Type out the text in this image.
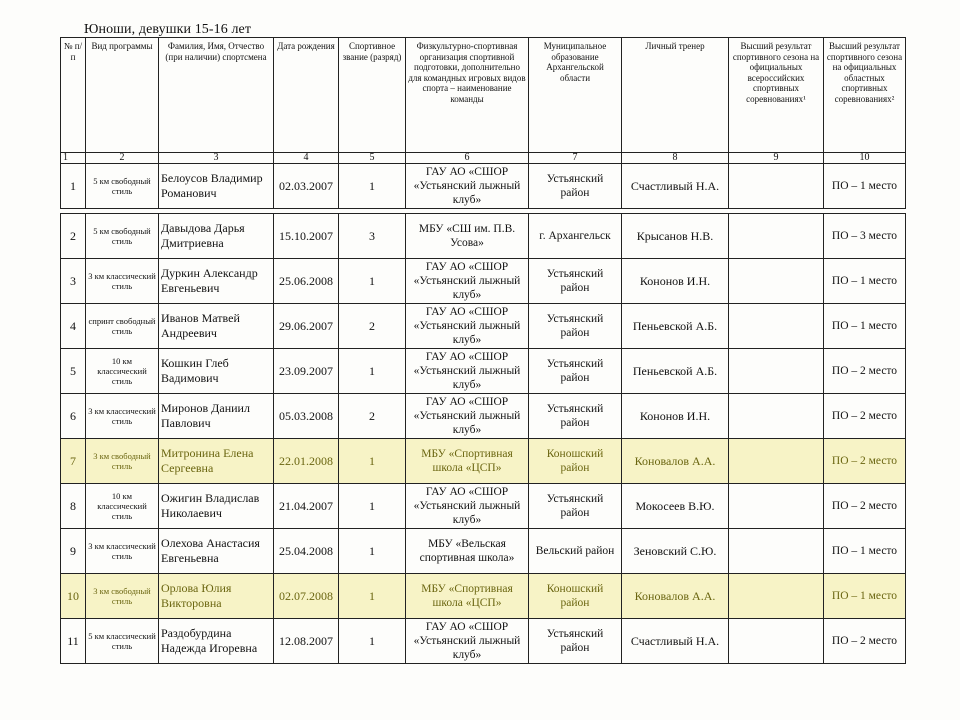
Юноши, девушки 15-16 лет
№ п/п	Вид программы	Фамилия, Имя, Отчество (при наличии) спортсмена	Дата рождения	Спортивное звание (разряд)	Физкультурно-спортивная организация спортивной подготовки, дополнительно для командных игровых видов спорта – наименование команды	Муниципальное образование Архангельской области	Личный тренер	Высший результат спортивного сезона на официальных всероссийских спортивных соревнованиях¹	Высший результат спортивного сезона на официальных областных спортивных соревнованиях²
1	2	3	4	5	6	7	8	9	10
1	5 км свободный стиль	Белоусов Владимир Романович	02.03.2007	1	ГАУ АО «СШОР «Устьянский лыжный клуб»	Устьянский район	Счастливый Н.А.		ПО – 1 место

2	5 км свободный стиль	Давыдова Дарья Дмитриевна	15.10.2007	3	МБУ «СШ им. П.В. Усова»	г. Архангельск	Крысанов Н.В.		ПО – 3 место
3	3 км классический стиль	Дуркин Александр Евгеньевич	25.06.2008	1	ГАУ АО «СШОР «Устьянский лыжный клуб»	Устьянский район	Кононов И.Н.		ПО – 1 место
4	спринт свободный стиль	Иванов Матвей Андреевич	29.06.2007	2	ГАУ АО «СШОР «Устьянский лыжный клуб»	Устьянский район	Пеньевской А.Б.		ПО – 1 место
5	10 км классический стиль	Кошкин Глеб Вадимович	23.09.2007	1	ГАУ АО «СШОР «Устьянский лыжный клуб»	Устьянский район	Пеньевской А.Б.		ПО – 2 место
6	3 км классический стиль	Миронов Даниил Павлович	05.03.2008	2	ГАУ АО «СШОР «Устьянский лыжный клуб»	Устьянский район	Кононов И.Н.		ПО – 2 место
7	3 км свободный стиль	Митронина Елена Сергеевна	22.01.2008	1	МБУ «Спортивная школа «ЦСП»	Коношский район	Коновалов А.А.		ПО – 2 место
8	10 км классический стиль	Ожигин Владислав Николаевич	21.04.2007	1	ГАУ АО «СШОР «Устьянский лыжный клуб»	Устьянский район	Мокосеев В.Ю.		ПО – 2 место
9	3 км классический стиль	Олехова Анастасия Евгеньевна	25.04.2008	1	МБУ «Вельская спортивная школа»	Вельский район	Зеновский С.Ю.		ПО – 1 место
10	3 км свободный стиль	Орлова Юлия Викторовна	02.07.2008	1	МБУ «Спортивная школа «ЦСП»	Коношский район	Коновалов А.А.		ПО – 1 место
11	5 км классический стиль	Раздобурдина Надежда Игоревна	12.08.2007	1	ГАУ АО «СШОР «Устьянский лыжный клуб»	Устьянский район	Счастливый Н.А.		ПО – 2 место
